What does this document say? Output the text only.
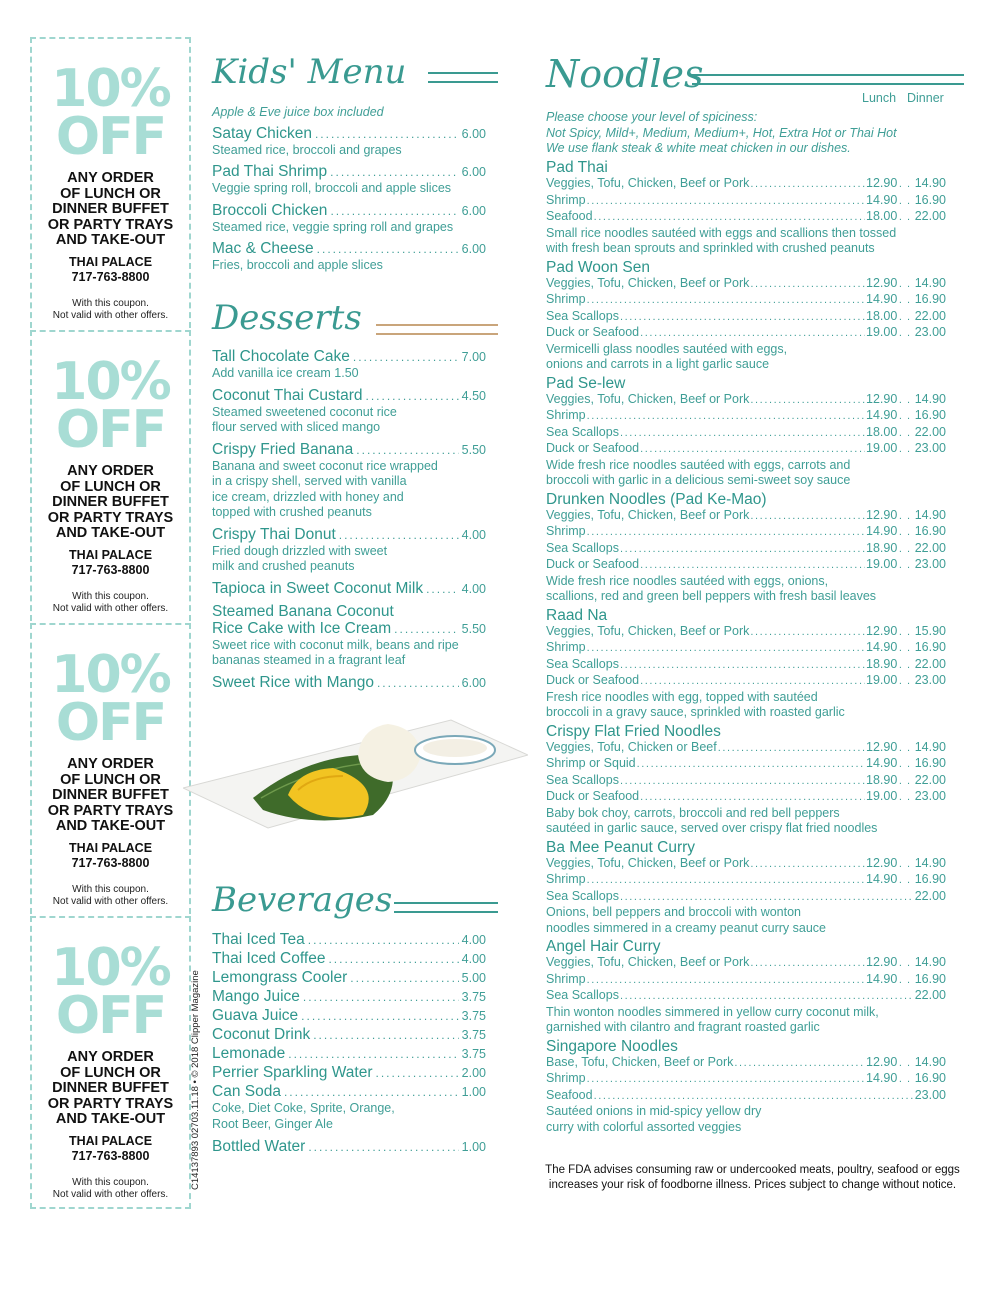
10%
OFF
ANY ORDER
OF LUNCH OR
DINNER BUFFET
OR PARTY TRAYS
AND TAKE-OUT
THAI PALACE
717-763-8800
With this coupon.
Not valid with other offers.
10%
OFF
ANY ORDER
OF LUNCH OR
DINNER BUFFET
OR PARTY TRAYS
AND TAKE-OUT
THAI PALACE
717-763-8800
With this coupon.
Not valid with other offers.
10%
OFF
ANY ORDER
OF LUNCH OR
DINNER BUFFET
OR PARTY TRAYS
AND TAKE-OUT
THAI PALACE
717-763-8800
With this coupon.
Not valid with other offers.
10%
OFF
ANY ORDER
OF LUNCH OR
DINNER BUFFET
OR PARTY TRAYS
AND TAKE-OUT
THAI PALACE
717-763-8800
With this coupon.
Not valid with other offers.
C14137893 02703.11.18 • © 2018 Clipper Magazine
Kids' Menu
Apple & Eve juice box included
Satay Chicken .....	6.00
Steamed rice, broccoli and grapes
Pad Thai Shrimp .....	6.00
Veggie spring roll, broccoli and apple slices
Broccoli Chicken .....	6.00
Steamed rice, veggie spring roll and grapes
Mac & Cheese .....	6.00
Fries, broccoli and apple slices
Desserts
Tall Chocolate Cake .....	7.00
Add vanilla ice cream 1.50
Coconut Thai Custard .....	4.50
Steamed sweetened coconut rice
flour served with sliced mango
Crispy Fried Banana .....	5.50
Banana and sweet coconut rice wrapped
in a crispy shell, served with vanilla
ice cream, drizzled with honey and
topped with crushed peanuts
Crispy Thai Donut .....	4.00
Fried dough drizzled with sweet
milk and crushed peanuts
Tapioca in Sweet Coconut Milk .....	4.00
Steamed Banana Coconut
Rice Cake with Ice Cream .....	5.50
Sweet rice with coconut milk, beans and ripe
bananas steamed in a fragrant leaf
Sweet Rice with Mango .....	6.00
Beverages
Thai Iced Tea .....	4.00
Thai Iced Coffee .....	4.00
Lemongrass Cooler .....	5.00
Mango Juice .....	3.75
Guava Juice .....	3.75
Coconut Drink .....	3.75
Lemonade .....	3.75
Perrier Sparkling Water .....	2.00
Can Soda .....	1.00
Coke, Diet Coke, Sprite, Orange,
Root Beer, Ginger Ale
Bottled Water .....	1.00
Noodles
Lunch Dinner
Please choose your level of spiciness:
Not Spicy, Mild+, Medium, Medium+, Hot, Extra Hot or Thai Hot
We use flank steak & white meat chicken in our dishes.
Pad Thai
Veggies, Tofu, Chicken, Beef or Pork .....	12.90 . . 14.90
Shrimp .....	14.90 . . 16.90
Seafood .....	18.00 . . 22.00
Small rice noodles sautéed with eggs and scallions then tossed
with fresh bean sprouts and sprinkled with crushed peanuts
Pad Woon Sen
Veggies, Tofu, Chicken, Beef or Pork .....	12.90 . . 14.90
Shrimp .....	14.90 . . 16.90
Sea Scallops .....	18.00 . . 22.00
Duck or Seafood .....	19.00 . . 23.00
Vermicelli glass noodles sautéed with eggs,
onions and carrots in a light garlic sauce
Pad Se-lew
Veggies, Tofu, Chicken, Beef or Pork .....	12.90 . . 14.90
Shrimp .....	14.90 . . 16.90
Sea Scallops .....	18.00 . . 22.00
Duck or Seafood .....	19.00 . . 23.00
Wide fresh rice noodles sautéed with eggs, carrots and
broccoli with garlic in a delicious semi-sweet soy sauce
Drunken Noodles (Pad Ke-Mao)
Veggies, Tofu, Chicken, Beef or Pork .....	12.90 . . 14.90
Shrimp .....	14.90 . . 16.90
Sea Scallops .....	18.90 . . 22.00
Duck or Seafood .....	19.00 . . 23.00
Wide fresh rice noodles sautéed with eggs, onions,
scallions, red and green bell peppers with fresh basil leaves
Raad Na
Veggies, Tofu, Chicken, Beef or Pork .....	12.90 . . 15.90
Shrimp .....	14.90 . . 16.90
Sea Scallops .....	18.90 . . 22.00
Duck or Seafood .....	19.00 . . 23.00
Fresh rice noodles with egg, topped with sautéed
broccoli in a gravy sauce, sprinkled with roasted garlic
Crispy Flat Fried Noodles
Veggies, Tofu, Chicken or Beef .....	12.90 . . 14.90
Shrimp or Squid .....	14.90 . . 16.90
Sea Scallops .....	18.90 . . 22.00
Duck or Seafood .....	19.00 . . 23.00
Baby bok choy, carrots, broccoli and red bell peppers
sautéed in garlic sauce, served over crispy flat fried noodles
Ba Mee Peanut Curry
Veggies, Tofu, Chicken, Beef or Pork .....	12.90 . . 14.90
Shrimp .....	14.90 . . 16.90
Sea Scallops .....	22.00
Onions, bell peppers and broccoli with wonton
noodles simmered in a creamy peanut curry sauce
Angel Hair Curry
Veggies, Tofu, Chicken, Beef or Pork .....	12.90 . . 14.90
Shrimp .....	14.90 . . 16.90
Sea Scallops .....	22.00
Thin wonton noodles simmered in yellow curry coconut milk,
garnished with cilantro and fragrant roasted garlic
Singapore Noodles
Base, Tofu, Chicken, Beef or Pork .....	12.90 . . 14.90
Shrimp .....	14.90 . . 16.90
Seafood .....	23.00
Sautéed onions in mid-spicy yellow dry
curry with colorful assorted veggies
The FDA advises consuming raw or undercooked meats, poultry, seafood or eggs
increases your risk of foodborne illness. Prices subject to change without notice.
